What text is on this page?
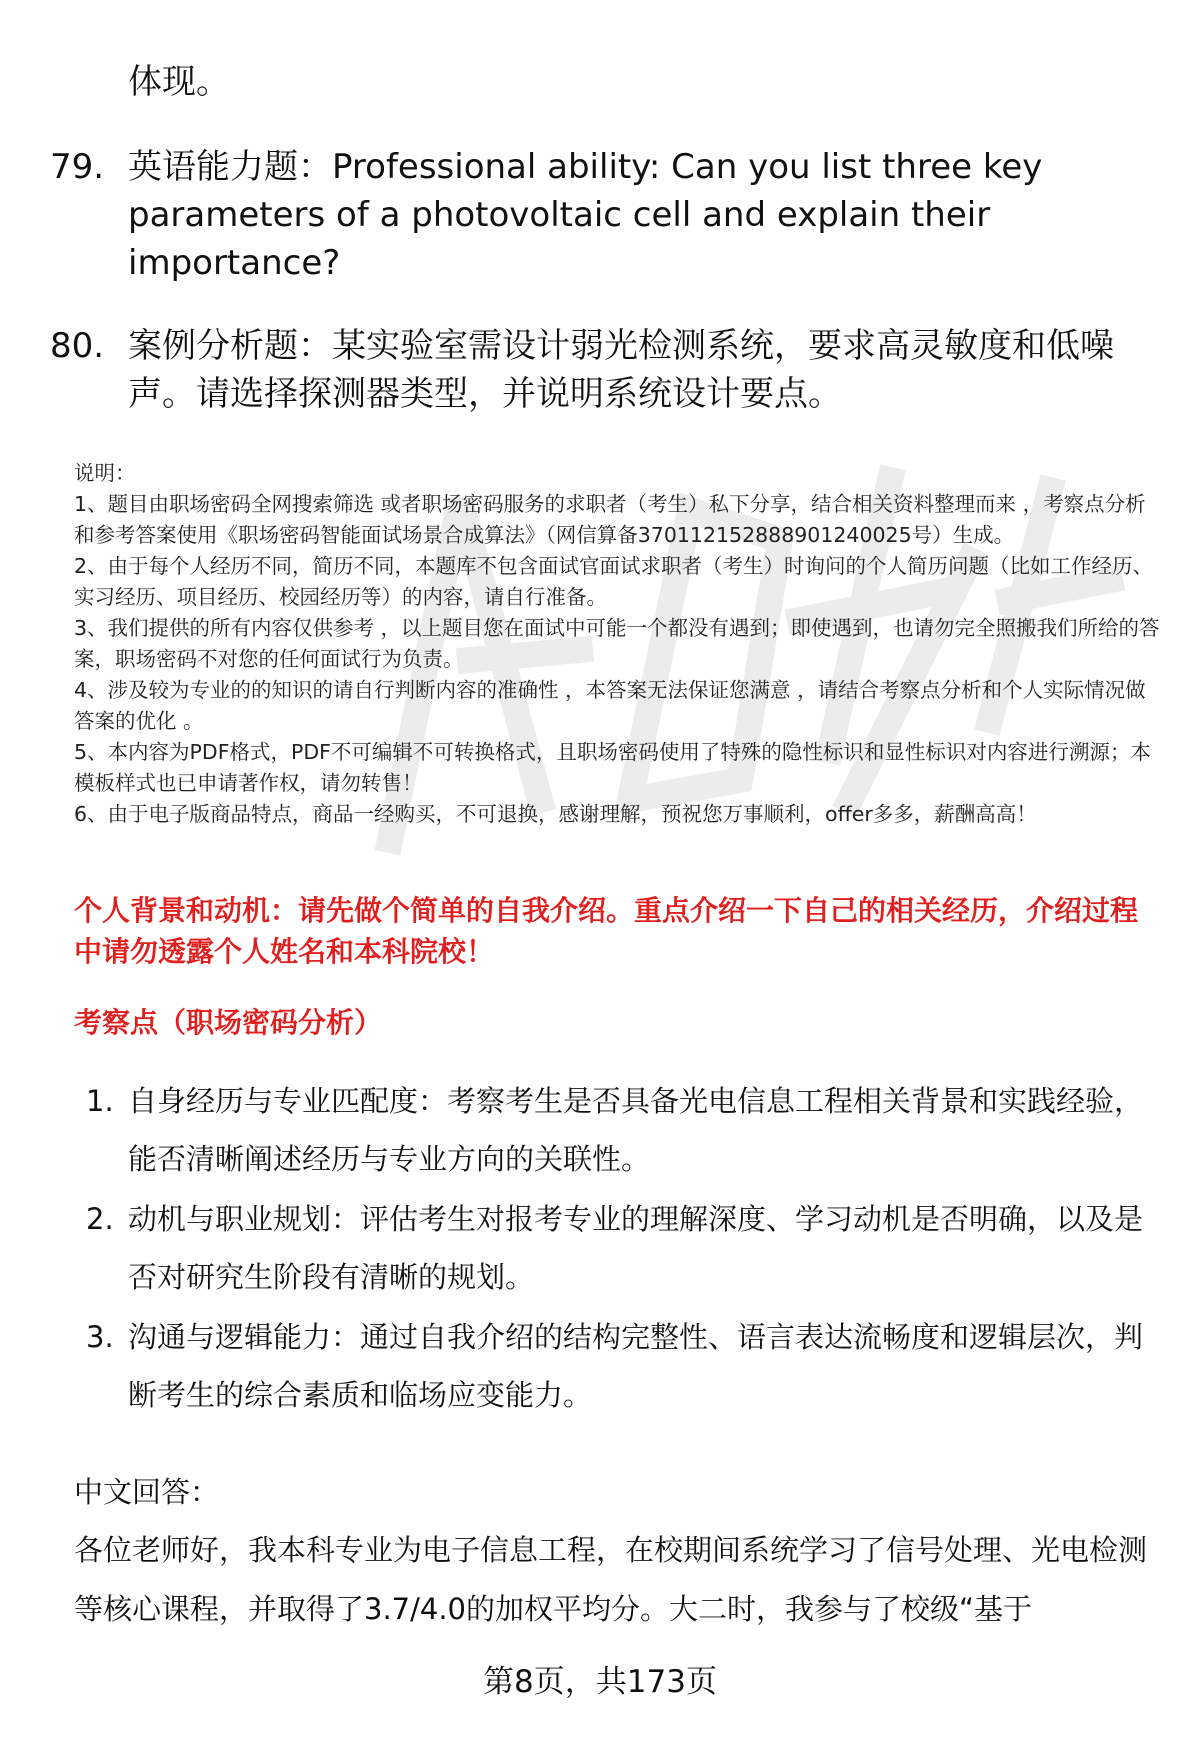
体现。
79. 英语能力题：Professional ability: Can you list three key parameters of a photovoltaic cell and explain their importance?
80. 案例分析题：某实验室需设计弱光检测系统，要求高灵敏度和低噪声。请选择探测器类型，并说明系统设计要点。

说明：

1、题目由职场密码全网搜索筛选 或者职场密码服务的求职者（考生）私下分享，结合相关资料整理而来 ，考察点分析和参考答案使用《职场密码智能面试场景合成算法》（网信算备370112152888901240025号）生成。

2、由于每个人经历不同，简历不同，本题库不包含面试官面试求职者（考生）时询问的个人简历问题（比如工作经历、实习经历、项目经历、校园经历等）的内容，请自行准备。

3、我们提供的所有内容仅供参考 ，以上题目您在面试中可能一个都没有遇到；即使遇到，也请勿完全照搬我们所给的答案，职场密码不对您的任何面试行为负责。

4、涉及较为专业的的知识的请自行判断内容的准确性 ，本答案无法保证您满意 ，请结合考察点分析和个人实际情况做答案的优化 。

5、本内容为PDF格式，PDF不可编辑不可转换格式，且职场密码使用了特殊的隐性标识和显性标识对内容进行溯源；本模板样式也已申请著作权，请勿转售！

6、由于电子版商品特点，商品一经购买，不可退换，感谢理解，预祝您万事顺利，offer多多，薪酬高高！

个人背景和动机：请先做个简单的自我介绍。重点介绍一下自己的相关经历，介绍过程中请勿透露个人姓名和本科院校！
考察点（职场密码分析）
1. 自身经历与专业匹配度：考察考生是否具备光电信息工程相关背景和实践经验，能否清晰阐述经历与专业方向的关联性。
2. 动机与职业规划：评估考生对报考专业的理解深度、学习动机是否明确，以及是否对研究生阶段有清晰的规划。
3. 沟通与逻辑能力：通过自我介绍的结构完整性、语言表达流畅度和逻辑层次，判断考生的综合素质和临场应变能力。
中文回答：
各位老师好，我本科专业为电子信息工程，在校期间系统学习了信号处理、光电检测等核心课程，并取得了3.7/4.0的加权平均分。大二时，我参与了校级“基于
第8页，共173页
